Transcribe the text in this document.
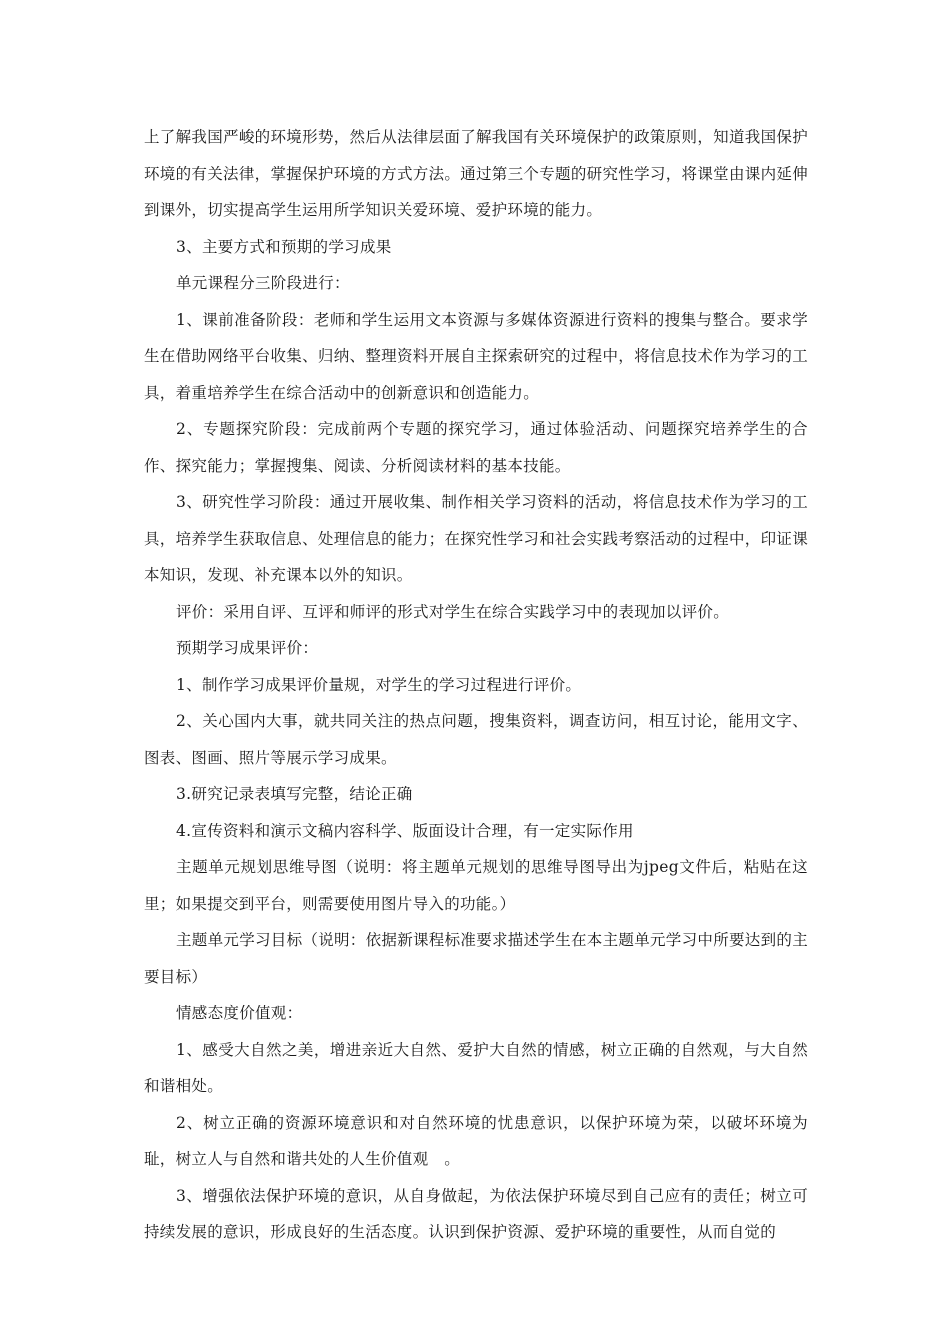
上了解我国严峻的环境形势，然后从法律层面了解我国有关环境保护的政策原则，知道我国保护环境的有关法律，掌握保护环境的方式方法。通过第三个专题的研究性学习，将课堂由课内延伸到课外，切实提高学生运用所学知识关爱环境、爱护环境的能力。

3、主要方式和预期的学习成果

单元课程分三阶段进行：

1、课前准备阶段：老师和学生运用文本资源与多媒体资源进行资料的搜集与整合。要求学生在借助网络平台收集、归纳、整理资料开展自主探索研究的过程中，将信息技术作为学习的工具，着重培养学生在综合活动中的创新意识和创造能力。

2、专题探究阶段：完成前两个专题的探究学习，通过体验活动、问题探究培养学生的合作、探究能力；掌握搜集、阅读、分析阅读材料的基本技能。

3、研究性学习阶段：通过开展收集、制作相关学习资料的活动，将信息技术作为学习的工具，培养学生获取信息、处理信息的能力；在探究性学习和社会实践考察活动的过程中，印证课本知识，发现、补充课本以外的知识。

评价：采用自评、互评和师评的形式对学生在综合实践学习中的表现加以评价。

预期学习成果评价：

1、制作学习成果评价量规，对学生的学习过程进行评价。

2、关心国内大事，就共同关注的热点问题，搜集资料，调查访问，相互讨论，能用文字、图表、图画、照片等展示学习成果。

3.研究记录表填写完整，结论正确

4.宣传资料和演示文稿内容科学、版面设计合理，有一定实际作用

主题单元规划思维导图（说明：将主题单元规划的思维导图导出为jpeg文件后，粘贴在这里；如果提交到平台，则需要使用图片导入的功能。）

主题单元学习目标（说明：依据新课程标准要求描述学生在本主题单元学习中所要达到的主要目标）

情感态度价值观：

1、感受大自然之美，增进亲近大自然、爱护大自然的情感，树立正确的自然观，与大自然和谐相处。

2、树立正确的资源环境意识和对自然环境的忧患意识，以保护环境为荣，以破坏环境为耻，树立人与自然和谐共处的人生价值观　。

3、增强依法保护环境的意识，从自身做起，为依法保护环境尽到自己应有的责任；树立可持续发展的意识，形成良好的生活态度。认识到保护资源、爱护环境的重要性，从而自觉的
